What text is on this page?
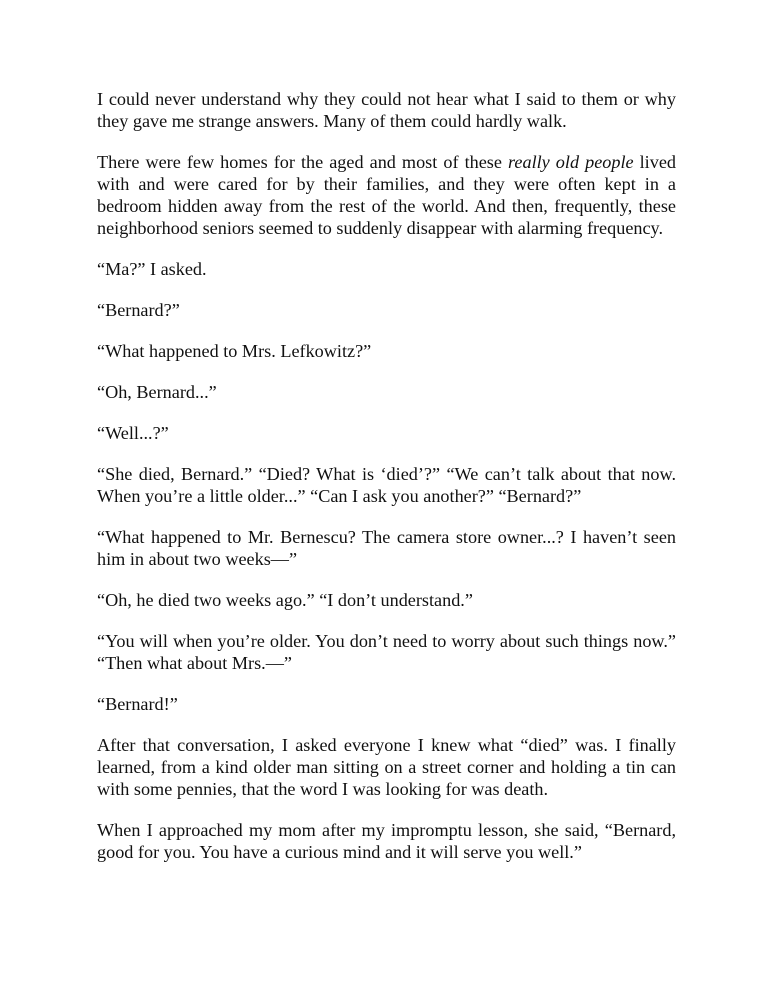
I could never understand why they could not hear what I said to them or why they gave me strange answers. Many of them could hardly walk.

There were few homes for the aged and most of these really old people lived with and were cared for by their families, and they were often kept in a bedroom hidden away from the rest of the world. And then, frequently, these neighborhood seniors seemed to suddenly disappear with alarming frequency.

“Ma?” I asked.

“Bernard?”

“What happened to Mrs. Lefkowitz?”

“Oh, Bernard...”

“Well...?”

“She died, Bernard.” “Died? What is ‘died’?” “We can’t talk about that now. When you’re a little older...” “Can I ask you another?” “Bernard?”

“What happened to Mr. Bernescu? The camera store owner...? I haven’t seen him in about two weeks—”

“Oh, he died two weeks ago.” “I don’t understand.”

“You will when you’re older. You don’t need to worry about such things now.” “Then what about Mrs.—”

“Bernard!”

After that conversation, I asked everyone I knew what “died” was. I finally learned, from a kind older man sitting on a street corner and holding a tin can with some pennies, that the word I was looking for was death.

When I approached my mom after my impromptu lesson, she said, “Bernard, good for you. You have a curious mind and it will serve you well.”
